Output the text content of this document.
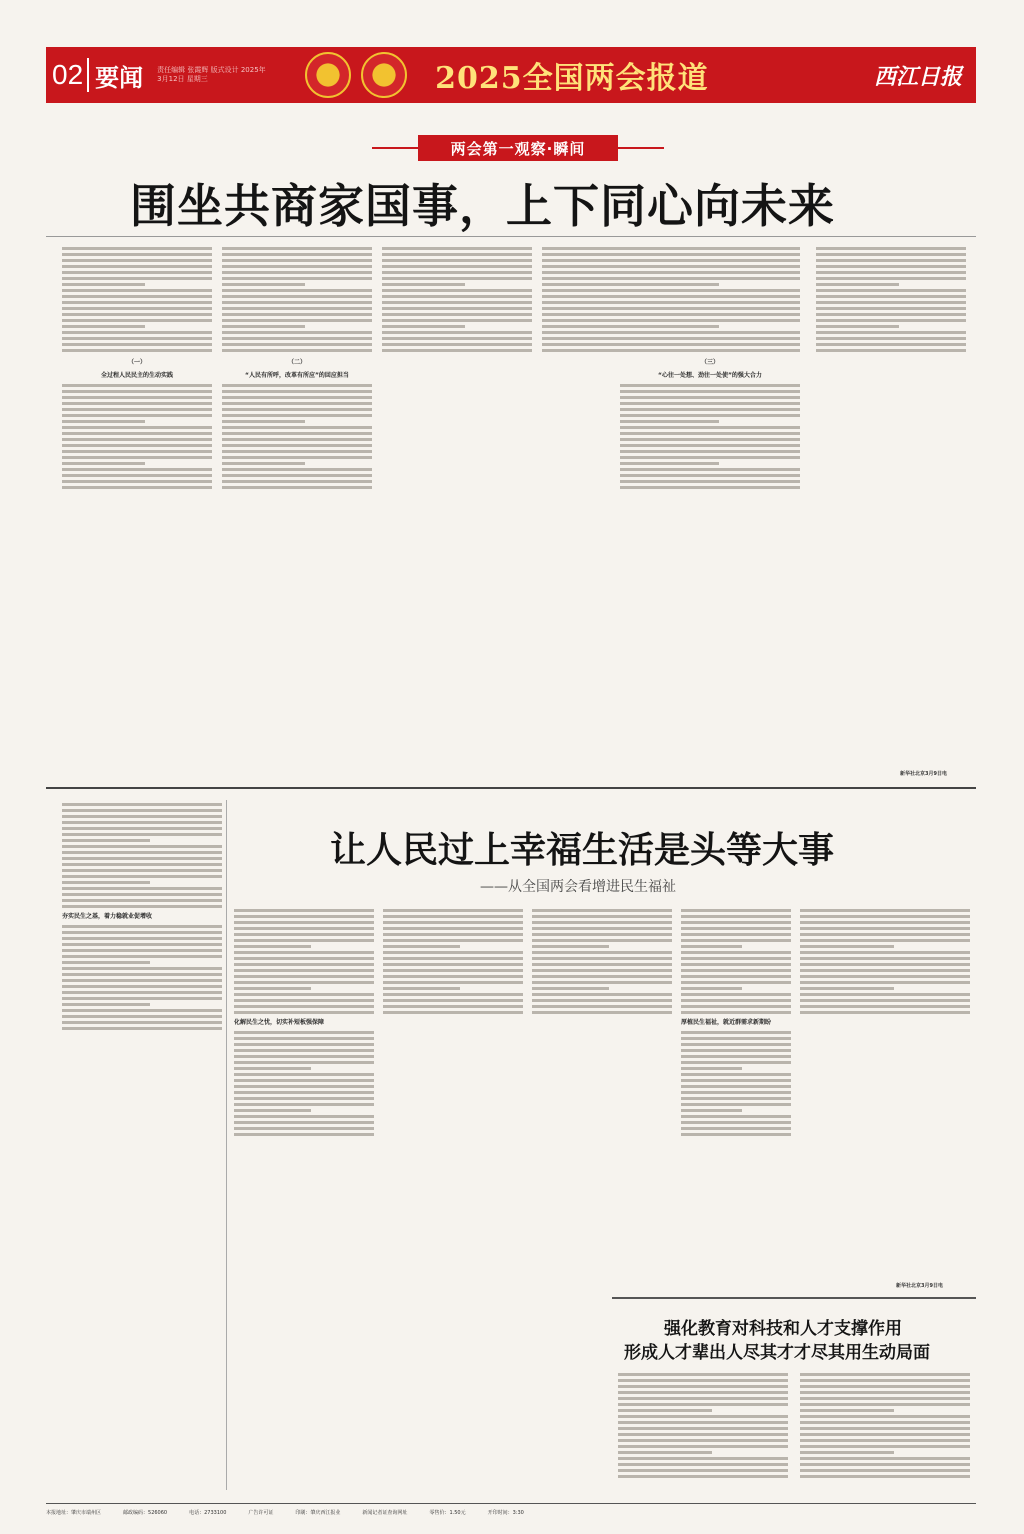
02 要闻 责任编辑 张霞辉 版式设计 2025年3月12日 星期三	★	✦	2025全国两会报道	西江日报
两会第一观察·瞬间
围坐共商家国事，上下同心向未来
（一）
全过程人民民主的生动实践
（二）
“人民有所呼，改革有所应”的回应担当
（三）
“心往一处想、劲往一处使”的强大合力
新华社北京3月9日电
夯实民生之基，着力稳就业促增收
让人民过上幸福生活是头等大事
——从全国两会看增进民生福祉
化解民生之忧，切实补短板强保障	厚植民生福祉，就近群需求新期盼
新华社北京3月9日电
强化教育对科技和人才支撑作用
形成人才辈出人尽其才才尽其用生动局面
本报地址：肇庆市端州区	邮政编码：526060	电话：2733100	广告许可证	印刷：肇庆西江报业	新闻记者证查询网址	零售价：1.50元	开印时间：3:30
